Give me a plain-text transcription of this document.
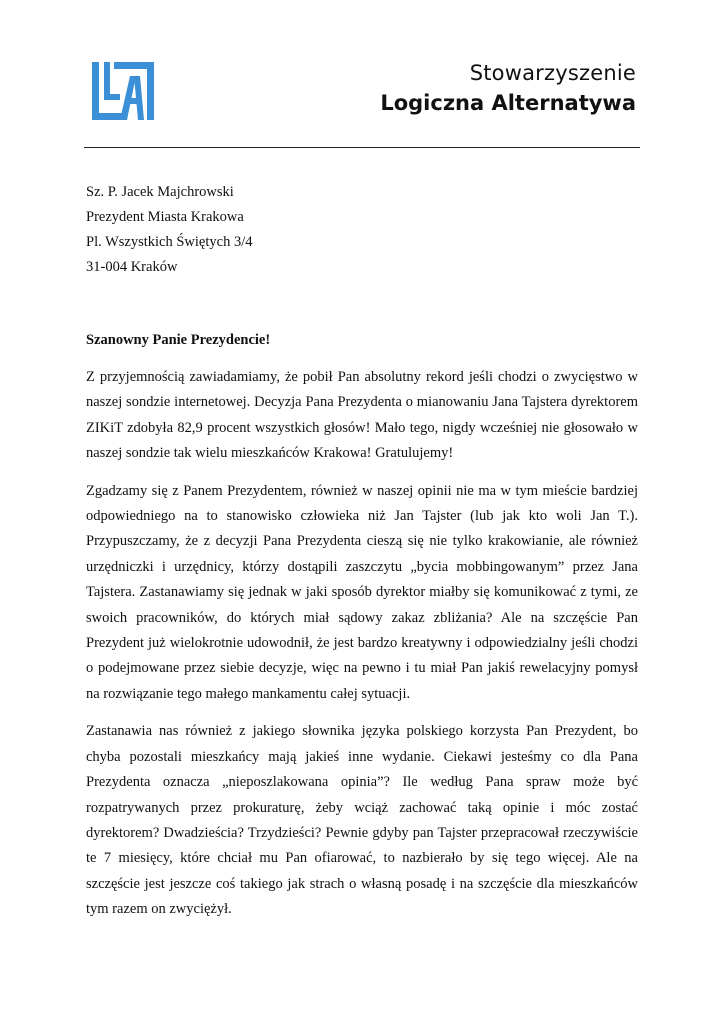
Stowarzyszenie
Logiczna Alternatywa
Sz. P. Jacek Majchrowski
Prezydent Miasta Krakowa
Pl. Wszystkich Świętych 3/4
31-004 Kraków
Szanowny Panie Prezydencie!

Z przyjemnością zawiadamiamy, że pobił Pan absolutny rekord jeśli chodzi o zwycięstwo w naszej sondzie internetowej. Decyzja Pana Prezydenta o mianowaniu Jana Tajstera dyrektorem ZIKiT zdobyła 82,9 procent wszystkich głosów! Mało tego, nigdy wcześniej nie głosowało w naszej sondzie tak wielu mieszkańców Krakowa! Gratulujemy!

Zgadzamy się z Panem Prezydentem, również w naszej opinii nie ma w tym mieście bardziej odpowiedniego na to stanowisko człowieka niż Jan Tajster (lub jak kto woli Jan T.). Przypuszczamy, że z decyzji Pana Prezydenta cieszą się nie tylko krakowianie, ale również urzędniczki i urzędnicy, którzy dostąpili zaszczytu „bycia mobbingowanym” przez Jana Tajstera. Zastanawiamy się jednak w jaki sposób dyrektor miałby się komunikować z tymi, ze swoich pracowników, do których miał sądowy zakaz zbliżania? Ale na szczęście Pan Prezydent już wielokrotnie udowodnił, że jest bardzo kreatywny i odpowiedzialny jeśli chodzi o podejmowane przez siebie decyzje, więc na pewno i tu miał Pan jakiś rewelacyjny pomysł na rozwiązanie tego małego mankamentu całej sytuacji.

Zastanawia nas również z jakiego słownika języka polskiego korzysta Pan Prezydent, bo chyba pozostali mieszkańcy mają jakieś inne wydanie. Ciekawi jesteśmy co dla Pana Prezydenta oznacza „nieposzlakowana opinia”? Ile według Pana spraw może być rozpatrywanych przez prokuraturę, żeby wciąż zachować taką opinie i móc zostać dyrektorem? Dwadzieścia? Trzydzieści? Pewnie gdyby pan Tajster przepracował rzeczywiście te 7 miesięcy, które chciał mu Pan ofiarować, to nazbierało by się tego więcej. Ale na szczęście jest jeszcze coś takiego jak strach o własną posadę i na szczęście dla mieszkańców tym razem on zwyciężył.
